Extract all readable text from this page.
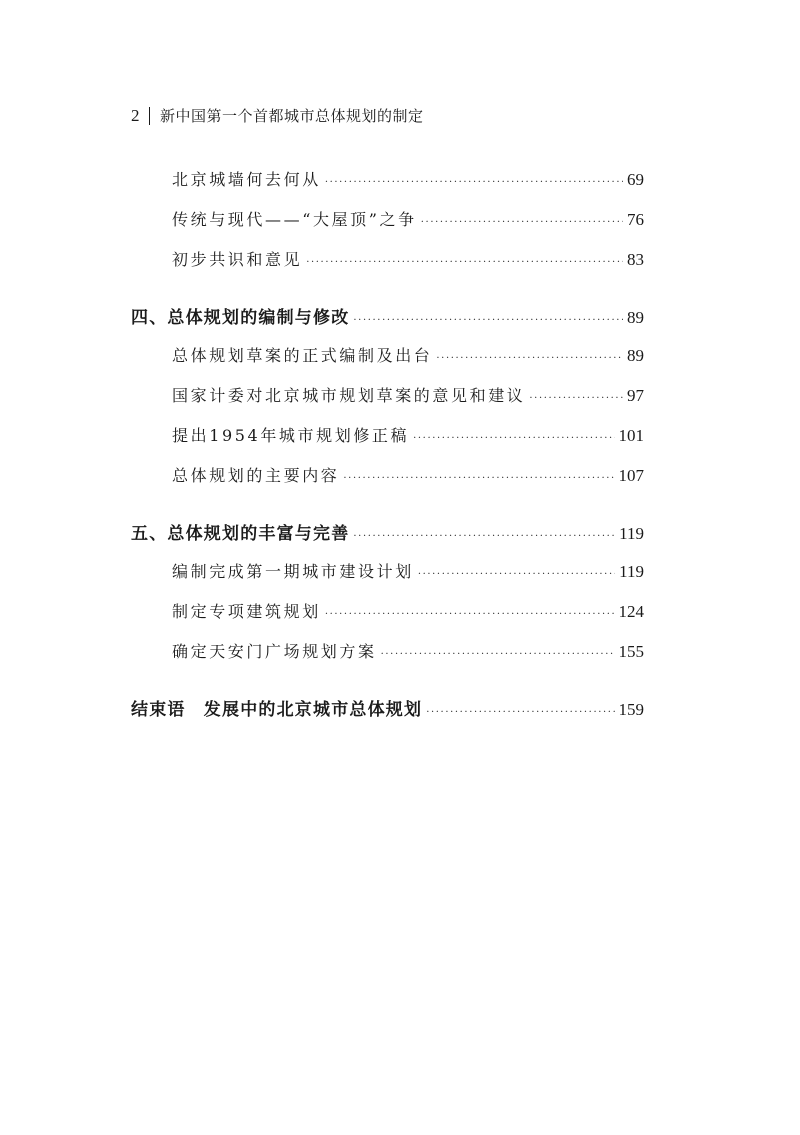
2 新中国第一个首都城市总体规划的制定
北京城墙何去何从 ·····	69
传统与现代——“大屋顶”之争 ·····	76
初步共识和意见 ·····	83
四、总体规划的编制与修改 ·····	89
总体规划草案的正式编制及出台 ·····	89
国家计委对北京城市规划草案的意见和建议 ·····	97
提出1954年城市规划修正稿 ·····	101
总体规划的主要内容 ·····	107
五、总体规划的丰富与完善 ·····	119
编制完成第一期城市建设计划 ·····	119
制定专项建筑规划 ·····	124
确定天安门广场规划方案 ·····	155
结束语　发展中的北京城市总体规划 ·····	159
